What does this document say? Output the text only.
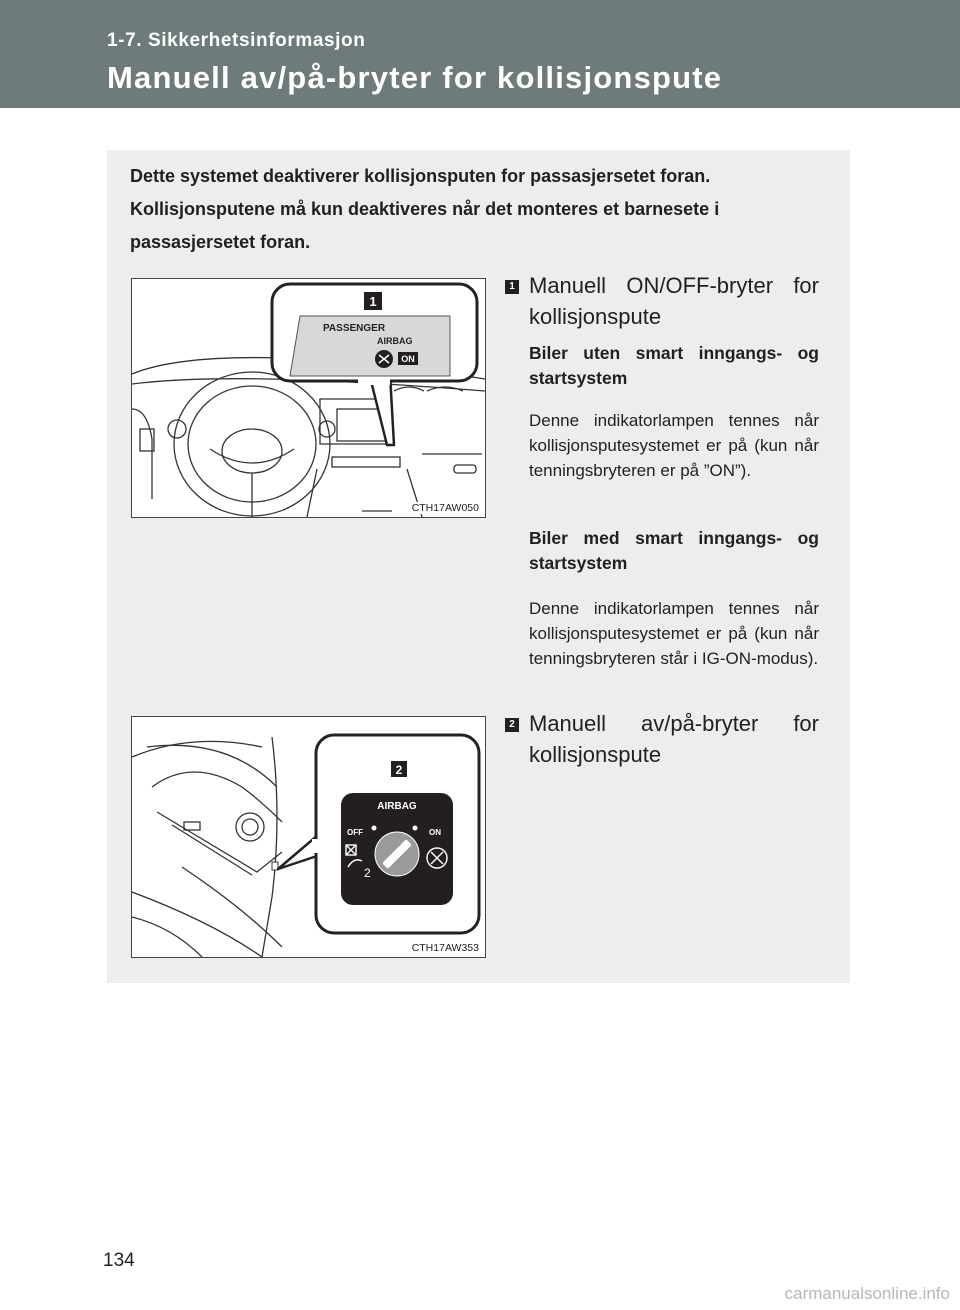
1-7. Sikkerhetsinformasjon
Manuell av/på-bryter for kollisjonspute

Dette systemet deaktiverer kollisjonsputen for passasjersetet foran.

Kollisjonsputene må kun deaktiveres når det monteres et barnesete i passasjersetet foran.

1
PASSENGER
AIRBAG
ON
CTH17AW050
1 Manuell ON/OFF-bryter for kollisjonspute
Biler uten smart inngangs- og startsystem
Denne indikatorlampen tennes når kollisjonsputesystemet er på (kun når tenningsbryteren er på ”ON”).
Biler med smart inngangs- og startsystem
Denne indikatorlampen tennes når kollisjonsputesystemet er på (kun når tenningsbryteren står i IG-ON-modus).
2
AIRBAG
OFF	ON
2
CTH17AW353
2 Manuell av/på-bryter for kollisjonspute
134
carmanualsonline.info
